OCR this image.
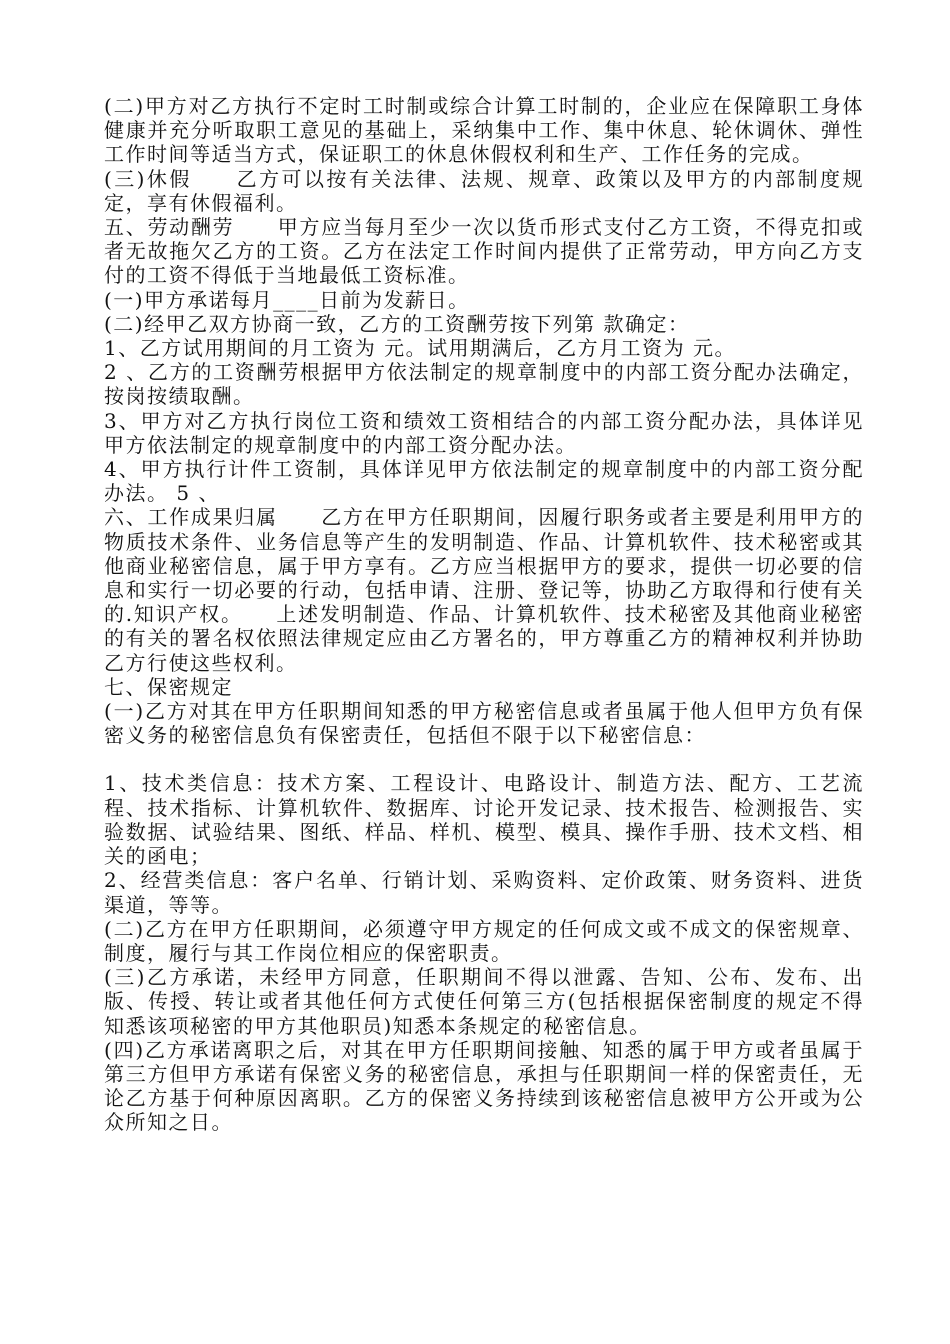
(二)甲方对乙方执行不定时工时制或综合计算工时制的，企业应在保障职工身体健康并充分听取职工意见的基础上，采纳集中工作、集中休息、轮休调休、弹性工作时间等适当方式，保证职工的休息休假权利和生产、工作任务的完成。

(三)休假　　乙方可以按有关法律、法规、规章、政策以及甲方的内部制度规定，享有休假福利。

五、劳动酬劳　　甲方应当每月至少一次以货币形式支付乙方工资，不得克扣或者无故拖欠乙方的工资。乙方在法定工作时间内提供了正常劳动，甲方向乙方支付的工资不得低于当地最低工资标准。

(一)甲方承诺每月____日前为发薪日。

(二)经甲乙双方协商一致，乙方的工资酬劳按下列第 款确定：

1、乙方试用期间的月工资为 元。试用期满后，乙方月工资为 元。

2 、乙方的工资酬劳根据甲方依法制定的规章制度中的内部工资分配办法确定，按岗按绩取酬。

3、甲方对乙方执行岗位工资和绩效工资相结合的内部工资分配办法，具体详见甲方依法制定的规章制度中的内部工资分配办法。

4、甲方执行计件工资制，具体详见甲方依法制定的规章制度中的内部工资分配办法。 5 、

六、工作成果归属　　乙方在甲方任职期间，因履行职务或者主要是利用甲方的物质技术条件、业务信息等产生的发明制造、作品、计算机软件、技术秘密或其他商业秘密信息，属于甲方享有。乙方应当根据甲方的要求，提供一切必要的信息和实行一切必要的行动，包括申请、注册、登记等，协助乙方取得和行使有关的.知识产权。　　上述发明制造、作品、计算机软件、技术秘密及其他商业秘密的有关的署名权依照法律规定应由乙方署名的，甲方尊重乙方的精神权利并协助乙方行使这些权利。

七、保密规定

(一)乙方对其在甲方任职期间知悉的甲方秘密信息或者虽属于他人但甲方负有保密义务的秘密信息负有保密责任，包括但不限于以下秘密信息：

1、技术类信息：技术方案、工程设计、电路设计、制造方法、配方、工艺流程、技术指标、计算机软件、数据库、讨论开发记录、技术报告、检测报告、实验数据、试验结果、图纸、样品、样机、模型、模具、操作手册、技术文档、相关的函电；

2、经营类信息：客户名单、行销计划、采购资料、定价政策、财务资料、进货渠道，等等。

(二)乙方在甲方任职期间，必须遵守甲方规定的任何成文或不成文的保密规章、制度，履行与其工作岗位相应的保密职责。

(三)乙方承诺，未经甲方同意，任职期间不得以泄露、告知、公布、发布、出版、传授、转让或者其他任何方式使任何第三方(包括根据保密制度的规定不得知悉该项秘密的甲方其他职员)知悉本条规定的秘密信息。

(四)乙方承诺离职之后，对其在甲方任职期间接触、知悉的属于甲方或者虽属于第三方但甲方承诺有保密义务的秘密信息，承担与任职期间一样的保密责任，无论乙方基于何种原因离职。乙方的保密义务持续到该秘密信息被甲方公开或为公众所知之日。
